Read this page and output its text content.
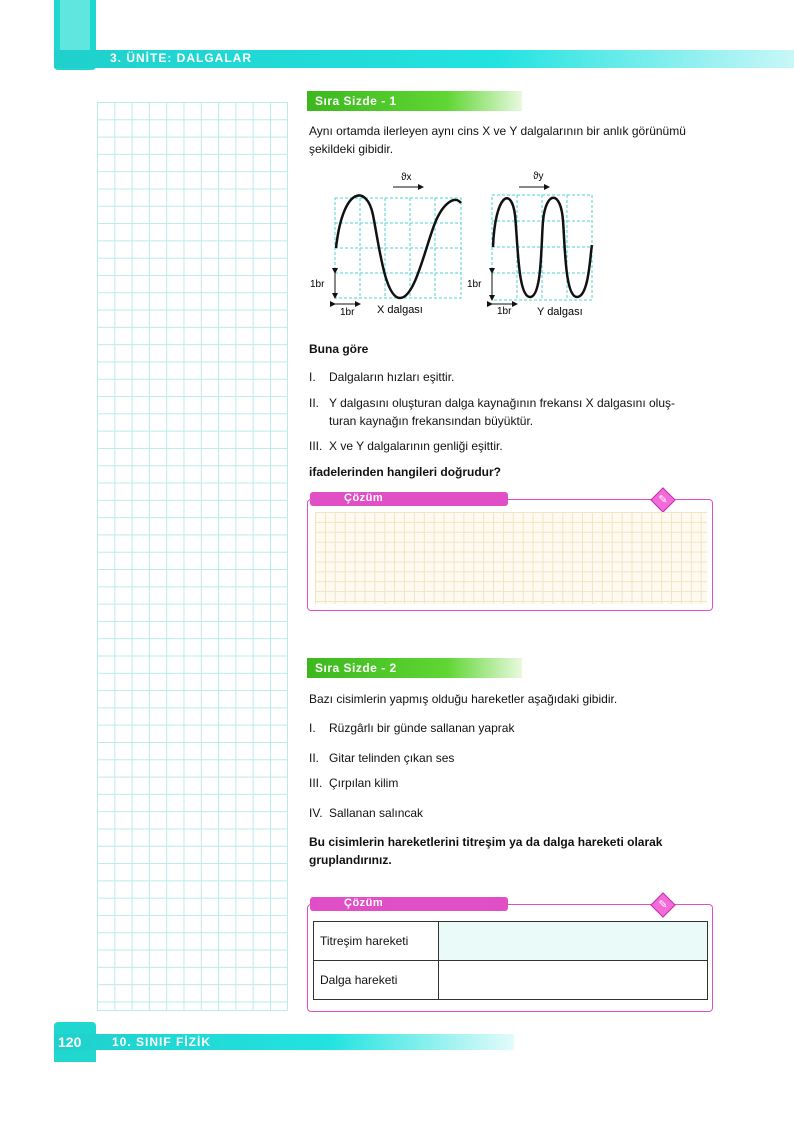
3. ÜNİTE: DALGALAR
Sıra Sizde - 1
Aynı ortamda ilerleyen aynı cins X ve Y dalgalarının bir anlık görünümü
şekildeki gibidir.
ϑx
1br
1br X dalgası
ϑy
1br
1br Y dalgası
Buna göre
I. Dalgaların hızları eşittir.
II. Y dalgasını oluşturan dalga kaynağının frekansı X dalgasını oluş-
turan kaynağın frekansından büyüktür.
III. X ve Y dalgalarının genliği eşittir.
ifadelerinden hangileri doğrudur?
Çözüm	✎
Sıra Sizde - 2
Bazı cisimlerin yapmış olduğu hareketler aşağıdaki gibidir.
I. Rüzgârlı bir günde sallanan yaprak
II. Gitar telinden çıkan ses
III. Çırpılan kilim
IV. Sallanan salıncak
Bu cisimlerin hareketlerini titreşim ya da dalga hareketi olarak
gruplandırınız.
Çözüm	✎
Titreşim hareketi	
Dalga hareketi	
120	10. SINIF FİZİK
